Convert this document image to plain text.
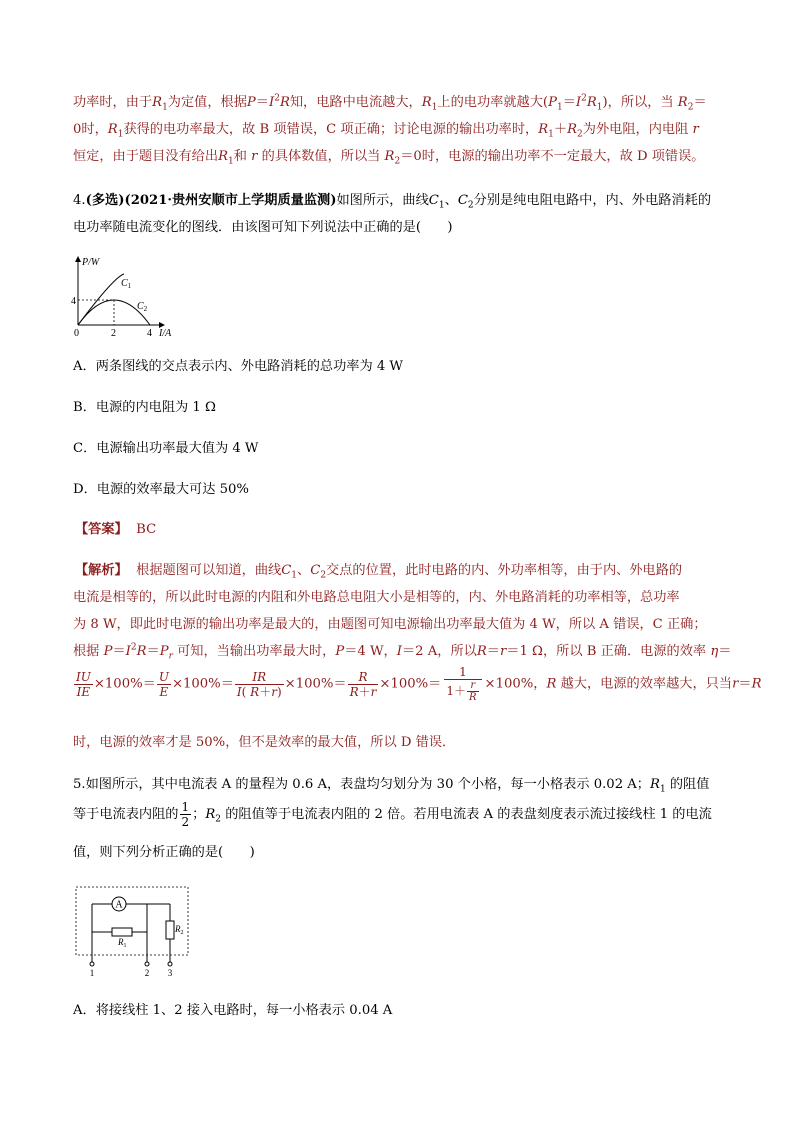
功率时，由于$R_1$为定值，根据$P=I^2R$知，电路中电流越大，$R_1$上的电功率就越大$(P_1=I^2R_1)$，所以，当 $R_2=$
0时，$R_1$获得的电功率最大，故 B 项错误，C 项正确；讨论电源的输出功率时，$R_1+R_2$为外电阻，内电阻 r
恒定，由于题目没有给出$R_1$和 r 的具体数值，所以当 $R_2=0$时，电源的输出功率不一定最大，故 D 项错误。
4.(多选)(2021·贵州安顺市上学期质量监测)如图所示，曲线$C_1$、$C_2$分别是纯电阻电路中，内、外电路消耗的
电功率随电流变化的图线．由该图可知下列说法中正确的是(　　)
P/W
$C_1$
$C_2$
4
0	2	4 I/A
A．两条图线的交点表示内、外电路消耗的总功率为 4 W
B．电源的内电阻为 1 Ω
C．电源输出功率最大值为 4 W
D．电源的效率最大可达 50%
【答案】 BC
【解析】 根据题图可以知道，曲线$C_1$、$C_2$交点的位置，此时电路的内、外功率相等，由于内、外电路的
电流是相等的，所以此时电源的内阻和外电路总电阻大小是相等的，内、外电路消耗的功率相等，总功率
为 8 W，即此时电源的输出功率是最大的，由题图可知电源输出功率最大值为 4 W，所以 A 错误，C 正确；
根据 $P=I^2R=P_r$ 可知，当输出功率最大时，P＝4 W，I＝2 A，所以R＝r＝1 Ω，所以 B 正确．电源的效率 η＝
$\frac{IU}{IE} \times 100\%= \frac{U}{E} \times 100\%= \frac{IR}{I( R+r)} \times 100\%= \frac{R}{R+r} \times 100\%= \frac{1}{1+ \frac{r}{R}} \times 100\%$，R 越大，电源的效率越大，只当r＝R
时，电源的效率才是 50%，但不是效率的最大值，所以 D 错误．
5.如图所示，其中电流表 A 的量程为 0.6 A，表盘均匀划分为 30 个小格，每一小格表示 0.02 A；$R_1$ 的阻值
等于电流表内阻的 $\frac{1}{2}$ ；$R_2$ 的阻值等于电流表内阻的 2 倍。若用电流表 A 的表盘刻度表示流过接线柱 1 的电流
值，则下列分析正确的是(　　)
A
$R_1$
$R_2$
1	2 3
A．将接线柱 1、2 接入电路时，每一小格表示 0.04 A
